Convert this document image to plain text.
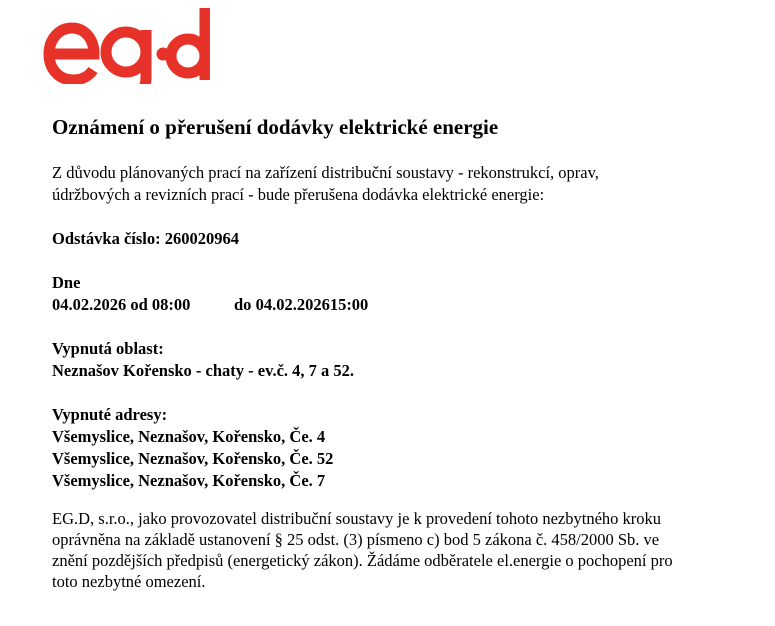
Oznámení o přerušení dodávky elektrické energie
Z důvodu plánovaných prací na zařízení distribuční soustavy - rekonstrukcí, oprav,
údržbových a revizních prací - bude přerušena dodávka elektrické energie:
Odstávka číslo: 260020964
Dne
04.02.2026 od 08:00	do 04.02.202615:00
Vypnutá oblast:
Neznašov Kořensko - chaty - ev.č. 4, 7 a 52.
Vypnuté adresy:
Všemyslice, Neznašov, Kořensko, Če. 4
Všemyslice, Neznašov, Kořensko, Če. 52
Všemyslice, Neznašov, Kořensko, Če. 7
EG.D, s.r.o., jako provozovatel distribuční soustavy je k provedení tohoto nezbytného kroku
oprávněna na základě ustanovení § 25 odst. (3) písmeno c) bod 5 zákona č. 458/2000 Sb. ve
znění pozdějších předpisů (energetický zákon). Žádáme odběratele el.energie o pochopení pro
toto nezbytné omezení.
